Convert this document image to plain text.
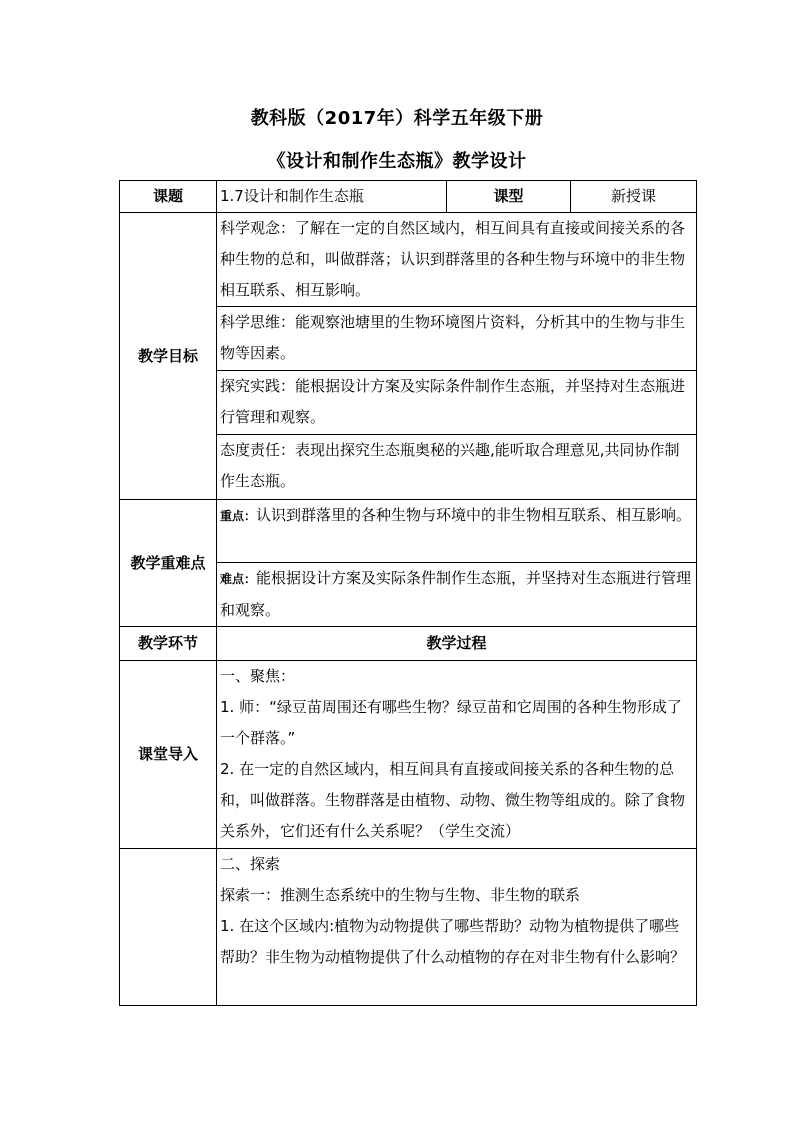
教科版（2017年）科学五年级下册
《设计和制作生态瓶》教学设计
课题	1.7设计和制作生态瓶	课型	新授课
教学目标	科学观念：了解在一定的自然区域内，相互间具有直接或间接关系的各种生物的总和，叫做群落；认识到群落里的各种生物与环境中的非生物相互联系、相互影响。		
	科学思维：能观察池塘里的生物环境图片资料，分析其中的生物与非生物等因素。		
	探究实践：能根据设计方案及实际条件制作生态瓶，并坚持对生态瓶进行管理和观察。		
	态度责任：表现出探究生态瓶奥秘的兴趣,能听取合理意见,共同协作制作生态瓶。		
教学重难点	重点：认识到群落里的各种生物与环境中的非生物相互联系、相互影响。		
	难点：能根据设计方案及实际条件制作生态瓶，并坚持对生态瓶进行管理和观察。		
教学环节	教学过程		
课堂导入	一、聚焦：

1. 师：“绿豆苗周围还有哪些生物？绿豆苗和它周围的各种生物形成了一个群落。”

2. 在一定的自然区域内，相互间具有直接或间接关系的各种生物的总和，叫做群落。生物群落是由植物、动物、微生物等组成的。除了食物关系外，它们还有什么关系呢？（学生交流）		

	二、探索

探索一：推测生态系统中的生物与生物、非生物的联系

1. 在这个区域内:植物为动物提供了哪些帮助？动物为植物提供了哪些帮助？非生物为动植物提供了什么动植物的存在对非生物有什么影响？		
